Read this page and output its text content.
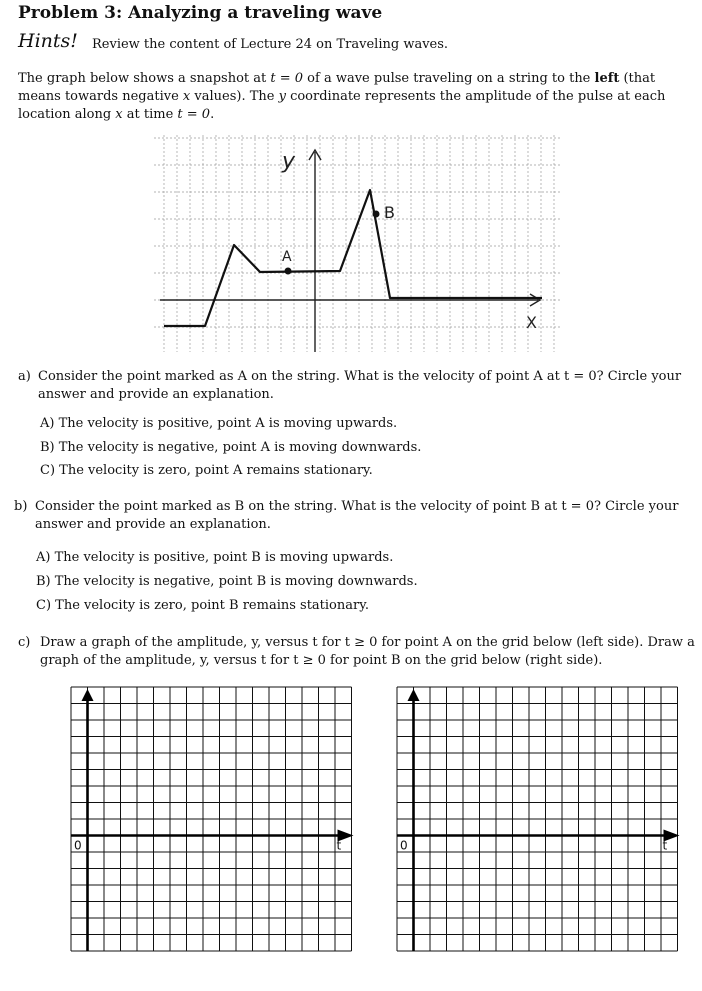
Problem 3: Analyzing a traveling wave
Hints! Review the content of Lecture 24 on Traveling waves.
The graph below shows a snapshot at t = 0 of a wave pulse traveling on a string to the left (that means towards negative x values). The y coordinate represents the amplitude of the pulse at each location along x at time t = 0.
y
X
A
B
a) Consider the point marked as A on the string. What is the velocity of point A at t = 0? Circle your answer and provide an explanation.
A) The velocity is positive, point A is moving upwards.
B) The velocity is negative, point A is moving downwards.
C) The velocity is zero, point A remains stationary.
b) Consider the point marked as B on the string. What is the velocity of point B at t = 0? Circle your answer and provide an explanation.
A) The velocity is positive, point B is moving upwards.
B) The velocity is negative, point B is moving downwards.
C) The velocity is zero, point B remains stationary.
c) Draw a graph of the amplitude, y, versus t for t ≥ 0 for point A on the grid below (left side). Draw a graph of the amplitude, y, versus t for t ≥ 0 for point B on the grid below (right side).
0	t	0	t
